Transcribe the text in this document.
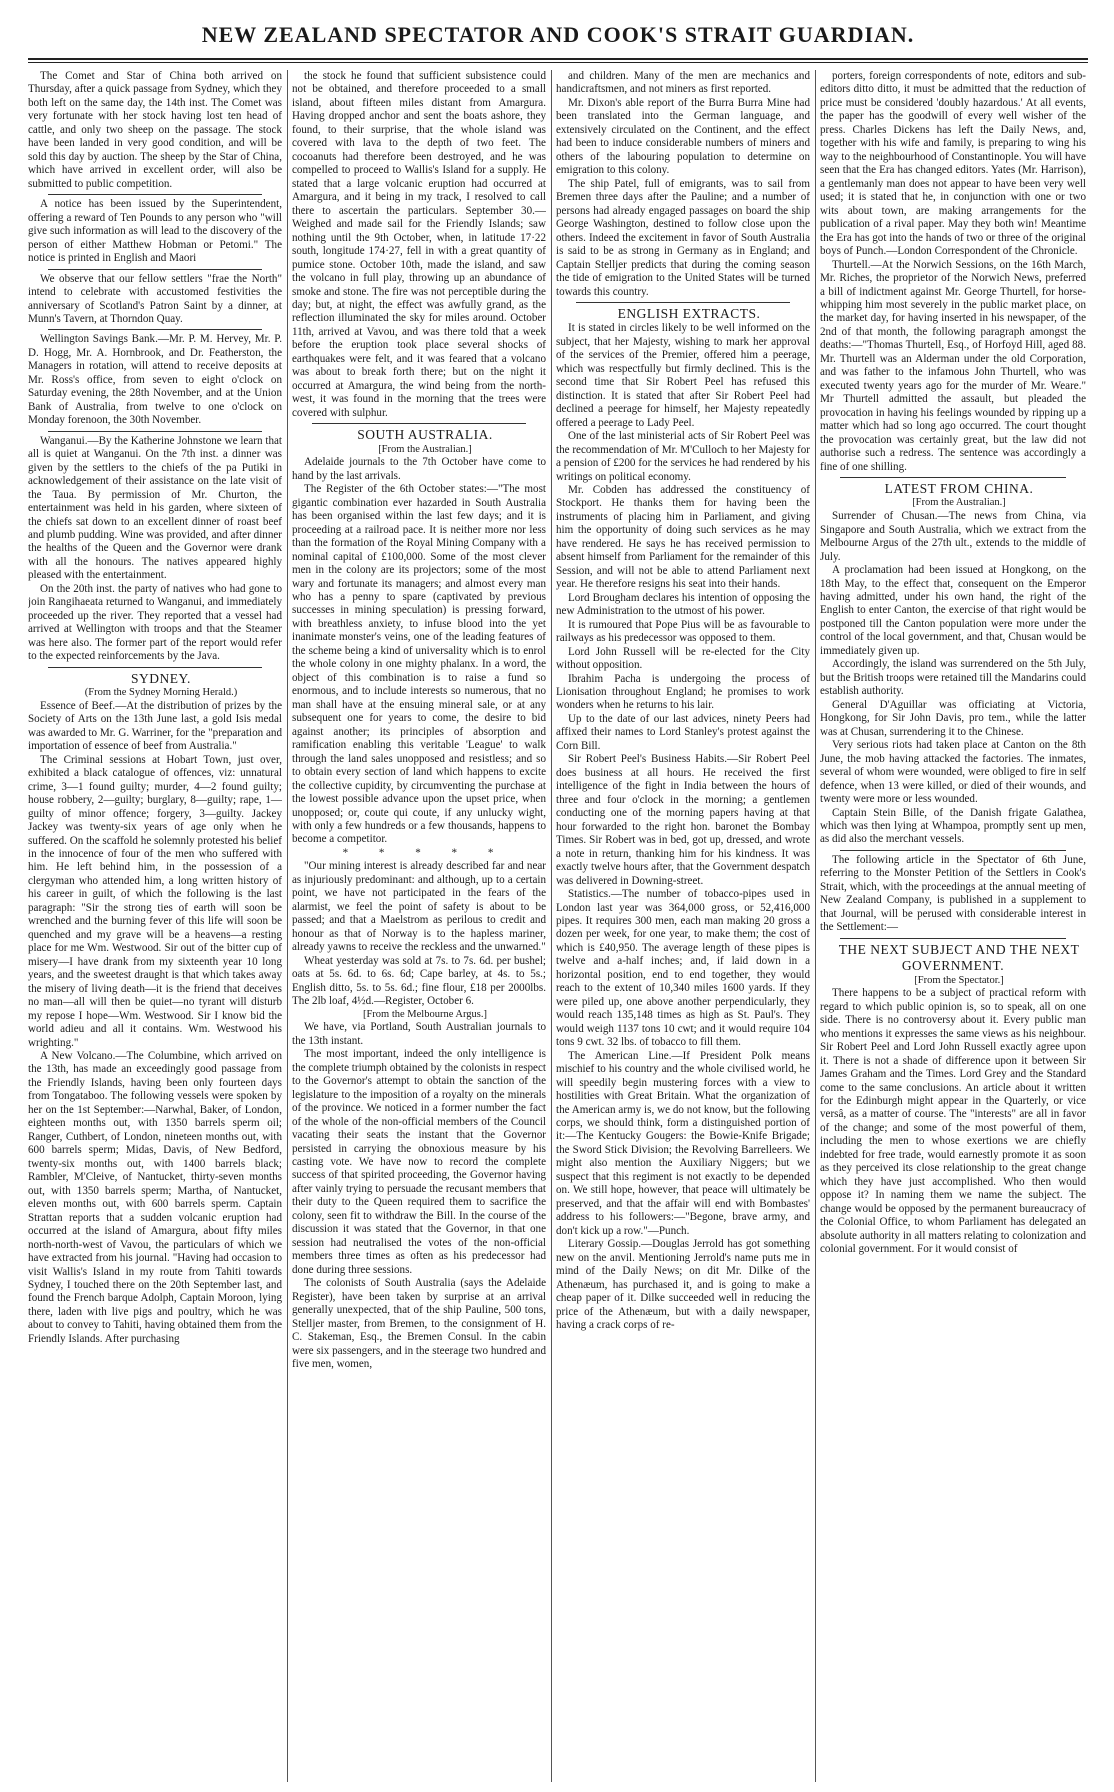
NEW ZEALAND SPECTATOR AND COOK'S STRAIT GUARDIAN.

The Comet and Star of China both arrived on Thursday, after a quick passage from Sydney, which they both left on the same day, the 14th inst. The Comet was very fortunate with her stock having lost ten head of cattle, and only two sheep on the passage. The stock have been landed in very good condition, and will be sold this day by auction. The sheep by the Star of China, which have arrived in excellent order, will also be submitted to public competition.

A notice has been issued by the Superintendent, offering a reward of Ten Pounds to any person who "will give such information as will lead to the discovery of the person of either Matthew Hobman or Petomi." The notice is printed in English and Maori

We observe that our fellow settlers "frae the North" intend to celebrate with accustomed festivities the anniversary of Scotland's Patron Saint by a dinner, at Munn's Tavern, at Thorndon Quay.

Wellington Savings Bank.—Mr. P. M. Hervey, Mr. P. D. Hogg, Mr. A. Hornbrook, and Dr. Featherston, the Managers in rotation, will attend to receive deposits at Mr. Ross's office, from seven to eight o'clock on Saturday evening, the 28th November, and at the Union Bank of Australia, from twelve to one o'clock on Monday forenoon, the 30th November.

Wanganui.—By the Katherine Johnstone we learn that all is quiet at Wanganui. On the 7th inst. a dinner was given by the settlers to the chiefs of the pa Putiki in acknowledgement of their assistance on the late visit of the Taua. By permission of Mr. Churton, the entertainment was held in his garden, where sixteen of the chiefs sat down to an excellent dinner of roast beef and plumb pudding. Wine was provided, and after dinner the healths of the Queen and the Governor were drank with all the honours. The natives appeared highly pleased with the entertainment.

On the 20th inst. the party of natives who had gone to join Rangihaeata returned to Wanganui, and immediately proceeded up the river. They reported that a vessel had arrived at Wellington with troops and that the Steamer was here also. The former part of the report would refer to the expected reinforcements by the Java.

SYDNEY.

(From the Sydney Morning Herald.)

Essence of Beef.—At the distribution of prizes by the Society of Arts on the 13th June last, a gold Isis medal was awarded to Mr. G. Warriner, for the "preparation and importation of essence of beef from Australia."

The Criminal sessions at Hobart Town, just over, exhibited a black catalogue of offences, viz: unnatural crime, 3—1 found guilty; murder, 4—2 found guilty; house robbery, 2—guilty; burglary, 8—guilty; rape, 1—guilty of minor offence; forgery, 3—guilty. Jackey Jackey was twenty-six years of age only when he suffered. On the scaffold he solemnly protested his belief in the innocence of four of the men who suffered with him. He left behind him, in the possession of a clergyman who attended him, a long written history of his career in guilt, of which the following is the last paragraph: "Sir the strong ties of earth will soon be wrenched and the burning fever of this life will soon be quenched and my grave will be a heavens—a resting place for me Wm. Westwood. Sir out of the bitter cup of misery—I have drank from my sixteenth year 10 long years, and the sweetest draught is that which takes away the misery of living death—it is the friend that deceives no man—all will then be quiet—no tyrant will disturb my repose I hope—Wm. Westwood. Sir I know bid the world adieu and all it contains. Wm. Westwood his wrighting."

A New Volcano.—The Columbine, which arrived on the 13th, has made an exceedingly good passage from the Friendly Islands, having been only fourteen days from Tongataboo. The following vessels were spoken by her on the 1st September:—Narwhal, Baker, of London, eighteen months out, with 1350 barrels sperm oil; Ranger, Cuthbert, of London, nineteen months out, with 600 barrels sperm; Midas, Davis, of New Bedford, twenty-six months out, with 1400 barrels black; Rambler, M'Cleive, of Nantucket, thirty-seven months out, with 1350 barrels sperm; Martha, of Nantucket, eleven months out, with 600 barrels sperm. Captain Strattan reports that a sudden volcanic eruption had occurred at the island of Amargura, about fifty miles north-north-west of Vavou, the particulars of which we have extracted from his journal. "Having had occasion to visit Wallis's Island in my route from Tahiti towards Sydney, I touched there on the 20th September last, and found the French barque Adolph, Captain Moroon, lying there, laden with live pigs and poultry, which he was about to convey to Tahiti, having obtained them from the Friendly Islands. After purchasing

the stock he found that sufficient subsistence could not be obtained, and therefore proceeded to a small island, about fifteen miles distant from Amargura. Having dropped anchor and sent the boats ashore, they found, to their surprise, that the whole island was covered with lava to the depth of two feet. The cocoanuts had therefore been destroyed, and he was compelled to proceed to Wallis's Island for a supply. He stated that a large volcanic eruption had occurred at Amargura, and it being in my track, I resolved to call there to ascertain the particulars. September 30.—Weighed and made sail for the Friendly Islands; saw nothing until the 9th October, when, in latitude 17·22 south, longitude 174·27, fell in with a great quantity of pumice stone. October 10th, made the island, and saw the volcano in full play, throwing up an abundance of smoke and stone. The fire was not perceptible during the day; but, at night, the effect was awfully grand, as the reflection illuminated the sky for miles around. October 11th, arrived at Vavou, and was there told that a week before the eruption took place several shocks of earthquakes were felt, and it was feared that a volcano was about to break forth there; but on the night it occurred at Amargura, the wind being from the north-west, it was found in the morning that the trees were covered with sulphur.

SOUTH AUSTRALIA.

[From the Australian.]

Adelaide journals to the 7th October have come to hand by the last arrivals.

The Register of the 6th October states:—"The most gigantic combination ever hazarded in South Australia has been organised within the last few days; and it is proceeding at a railroad pace. It is neither more nor less than the formation of the Royal Mining Company with a nominal capital of £100,000. Some of the most clever men in the colony are its projectors; some of the most wary and fortunate its managers; and almost every man who has a penny to spare (captivated by previous successes in mining speculation) is pressing forward, with breathless anxiety, to infuse blood into the yet inanimate monster's veins, one of the leading features of the scheme being a kind of universality which is to enrol the whole colony in one mighty phalanx. In a word, the object of this combination is to raise a fund so enormous, and to include interests so numerous, that no man shall have at the ensuing mineral sale, or at any subsequent one for years to come, the desire to bid against another; its principles of absorption and ramification enabling this veritable 'League' to walk through the land sales unopposed and resistless; and so to obtain every section of land which happens to excite the collective cupidity, by circumventing the purchase at the lowest possible advance upon the upset price, when unopposed; or, coute qui coute, if any unlucky wight, with only a few hundreds or a few thousands, happens to become a competitor.

* * * * *

"Our mining interest is already described far and near as injuriously predominant: and although, up to a certain point, we have not participated in the fears of the alarmist, we feel the point of safety is about to be passed; and that a Maelstrom as perilous to credit and honour as that of Norway is to the hapless mariner, already yawns to receive the reckless and the unwarned."

Wheat yesterday was sold at 7s. to 7s. 6d. per bushel; oats at 5s. 6d. to 6s. 6d; Cape barley, at 4s. to 5s.; English ditto, 5s. to 5s. 6d.; fine flour, £18 per 2000lbs. The 2lb loaf, 4½d.—Register, October 6.

[From the Melbourne Argus.]

We have, via Portland, South Australian journals to the 13th instant.

The most important, indeed the only intelligence is the complete triumph obtained by the colonists in respect to the Governor's attempt to obtain the sanction of the legislature to the imposition of a royalty on the minerals of the province. We noticed in a former number the fact of the whole of the non-official members of the Council vacating their seats the instant that the Governor persisted in carrying the obnoxious measure by his casting vote. We have now to record the complete success of that spirited proceeding, the Governor having after vainly trying to persuade the recusant members that their duty to the Queen required them to sacrifice the colony, seen fit to withdraw the Bill. In the course of the discussion it was stated that the Governor, in that one session had neutralised the votes of the non-official members three times as often as his predecessor had done during three sessions.

The colonists of South Australia (says the Adelaide Register), have been taken by surprise at an arrival generally unexpected, that of the ship Pauline, 500 tons, Stelljer master, from Bremen, to the consignment of H. C. Stakeman, Esq., the Bremen Consul. In the cabin were six passengers, and in the steerage two hundred and five men, women,

and children. Many of the men are mechanics and handicraftsmen, and not miners as first reported.

Mr. Dixon's able report of the Burra Burra Mine had been translated into the German language, and extensively circulated on the Continent, and the effect had been to induce considerable numbers of miners and others of the labouring population to determine on emigration to this colony.

The ship Patel, full of emigrants, was to sail from Bremen three days after the Pauline; and a number of persons had already engaged passages on board the ship George Washington, destined to follow close upon the others. Indeed the excitement in favor of South Australia is said to be as strong in Germany as in England; and Captain Stelljer predicts that during the coming season the tide of emigration to the United States will be turned towards this country.

ENGLISH EXTRACTS.

It is stated in circles likely to be well informed on the subject, that her Majesty, wishing to mark her approval of the services of the Premier, offered him a peerage, which was respectfully but firmly declined. This is the second time that Sir Robert Peel has refused this distinction. It is stated that after Sir Robert Peel had declined a peerage for himself, her Majesty repeatedly offered a peerage to Lady Peel.

One of the last ministerial acts of Sir Robert Peel was the recommendation of Mr. M'Culloch to her Majesty for a pension of £200 for the services he had rendered by his writings on political economy.

Mr. Cobden has addressed the constituency of Stockport. He thanks them for having been the instruments of placing him in Parliament, and giving him the opportunity of doing such services as he may have rendered. He says he has received permission to absent himself from Parliament for the remainder of this Session, and will not be able to attend Parliament next year. He therefore resigns his seat into their hands.

Lord Brougham declares his intention of opposing the new Administration to the utmost of his power.

It is rumoured that Pope Pius will be as favourable to railways as his predecessor was opposed to them.

Lord John Russell will be re-elected for the City without opposition.

Ibrahim Pacha is undergoing the process of Lionisation throughout England; he promises to work wonders when he returns to his lair.

Up to the date of our last advices, ninety Peers had affixed their names to Lord Stanley's protest against the Corn Bill.

Sir Robert Peel's Business Habits.—Sir Robert Peel does business at all hours. He received the first intelligence of the fight in India between the hours of three and four o'clock in the morning; a gentlemen conducting one of the morning papers having at that hour forwarded to the right hon. baronet the Bombay Times. Sir Robert was in bed, got up, dressed, and wrote a note in return, thanking him for his kindness. It was exactly twelve hours after, that the Government despatch was delivered in Downing-street.

Statistics.—The number of tobacco-pipes used in London last year was 364,000 gross, or 52,416,000 pipes. It requires 300 men, each man making 20 gross a dozen per week, for one year, to make them; the cost of which is £40,950. The average length of these pipes is twelve and a-half inches; and, if laid down in a horizontal position, end to end together, they would reach to the extent of 10,340 miles 1600 yards. If they were piled up, one above another perpendicularly, they would reach 135,148 times as high as St. Paul's. They would weigh 1137 tons 10 cwt; and it would require 104 tons 9 cwt. 32 lbs. of tobacco to fill them.

The American Line.—If President Polk means mischief to his country and the whole civilised world, he will speedily begin mustering forces with a view to hostilities with Great Britain. What the organization of the American army is, we do not know, but the following corps, we should think, form a distinguished portion of it:—The Kentucky Gougers: the Bowie-Knife Brigade; the Sword Stick Division; the Revolving Barrelleers. We might also mention the Auxiliary Niggers; but we suspect that this regiment is not exactly to be depended on. We still hope, however, that peace will ultimately be preserved, and that the affair will end with Bombastes' address to his followers:—"Begone, brave army, and don't kick up a row."—Punch.

Literary Gossip.—Douglas Jerrold has got something new on the anvil. Mentioning Jerrold's name puts me in mind of the Daily News; on dit Mr. Dilke of the Athenæum, has purchased it, and is going to make a cheap paper of it. Dilke succeeded well in reducing the price of the Athenæum, but with a daily newspaper, having a crack corps of re-

porters, foreign correspondents of note, editors and sub-editors ditto ditto, it must be admitted that the reduction of price must be considered 'doubly hazardous.' At all events, the paper has the goodwill of every well wisher of the press. Charles Dickens has left the Daily News, and, together with his wife and family, is preparing to wing his way to the neighbourhood of Constantinople. You will have seen that the Era has changed editors. Yates (Mr. Harrison), a gentlemanly man does not appear to have been very well used; it is stated that he, in conjunction with one or two wits about town, are making arrangements for the publication of a rival paper. May they both win! Meantime the Era has got into the hands of two or three of the original boys of Punch.—London Correspondent of the Chronicle.

Thurtell.—At the Norwich Sessions, on the 16th March, Mr. Riches, the proprietor of the Norwich News, preferred a bill of indictment against Mr. George Thurtell, for horse-whipping him most severely in the public market place, on the market day, for having inserted in his newspaper, of the 2nd of that month, the following paragraph amongst the deaths:—"Thomas Thurtell, Esq., of Horfoyd Hill, aged 88. Mr. Thurtell was an Alderman under the old Corporation, and was father to the infamous John Thurtell, who was executed twenty years ago for the murder of Mr. Weare." Mr Thurtell admitted the assault, but pleaded the provocation in having his feelings wounded by ripping up a matter which had so long ago occurred. The court thought the provocation was certainly great, but the law did not authorise such a redress. The sentence was accordingly a fine of one shilling.

LATEST FROM CHINA.

[From the Australian.]

Surrender of Chusan.—The news from China, via Singapore and South Australia, which we extract from the Melbourne Argus of the 27th ult., extends to the middle of July.

A proclamation had been issued at Hongkong, on the 18th May, to the effect that, consequent on the Emperor having admitted, under his own hand, the right of the English to enter Canton, the exercise of that right would be postponed till the Canton population were more under the control of the local government, and that, Chusan would be immediately given up.

Accordingly, the island was surrendered on the 5th July, but the British troops were retained till the Mandarins could establish authority.

General D'Aguillar was officiating at Victoria, Hongkong, for Sir John Davis, pro tem., while the latter was at Chusan, surrendering it to the Chinese.

Very serious riots had taken place at Canton on the 8th June, the mob having attacked the factories. The inmates, several of whom were wounded, were obliged to fire in self defence, when 13 were killed, or died of their wounds, and twenty were more or less wounded.

Captain Stein Bille, of the Danish frigate Galathea, which was then lying at Whampoa, promptly sent up men, as did also the merchant vessels.

The following article in the Spectator of 6th June, referring to the Monster Petition of the Settlers in Cook's Strait, which, with the proceedings at the annual meeting of New Zealand Company, is published in a supplement to that Journal, will be perused with considerable interest in the Settlement:—

THE NEXT SUBJECT AND THE NEXT GOVERNMENT.

[From the Spectator.]

There happens to be a subject of practical reform with regard to which public opinion is, so to speak, all on one side. There is no controversy about it. Every public man who mentions it expresses the same views as his neighbour. Sir Robert Peel and Lord John Russell exactly agree upon it. There is not a shade of difference upon it between Sir James Graham and the Times. Lord Grey and the Standard come to the same conclusions. An article about it written for the Edinburgh might appear in the Quarterly, or vice versâ, as a matter of course. The "interests" are all in favor of the change; and some of the most powerful of them, including the men to whose exertions we are chiefly indebted for free trade, would earnestly promote it as soon as they perceived its close relationship to the great change which they have just accomplished. Who then would oppose it? In naming them we name the subject. The change would be opposed by the permanent bureaucracy of the Colonial Office, to whom Parliament has delegated an absolute authority in all matters relating to colonization and colonial government. For it would consist of
